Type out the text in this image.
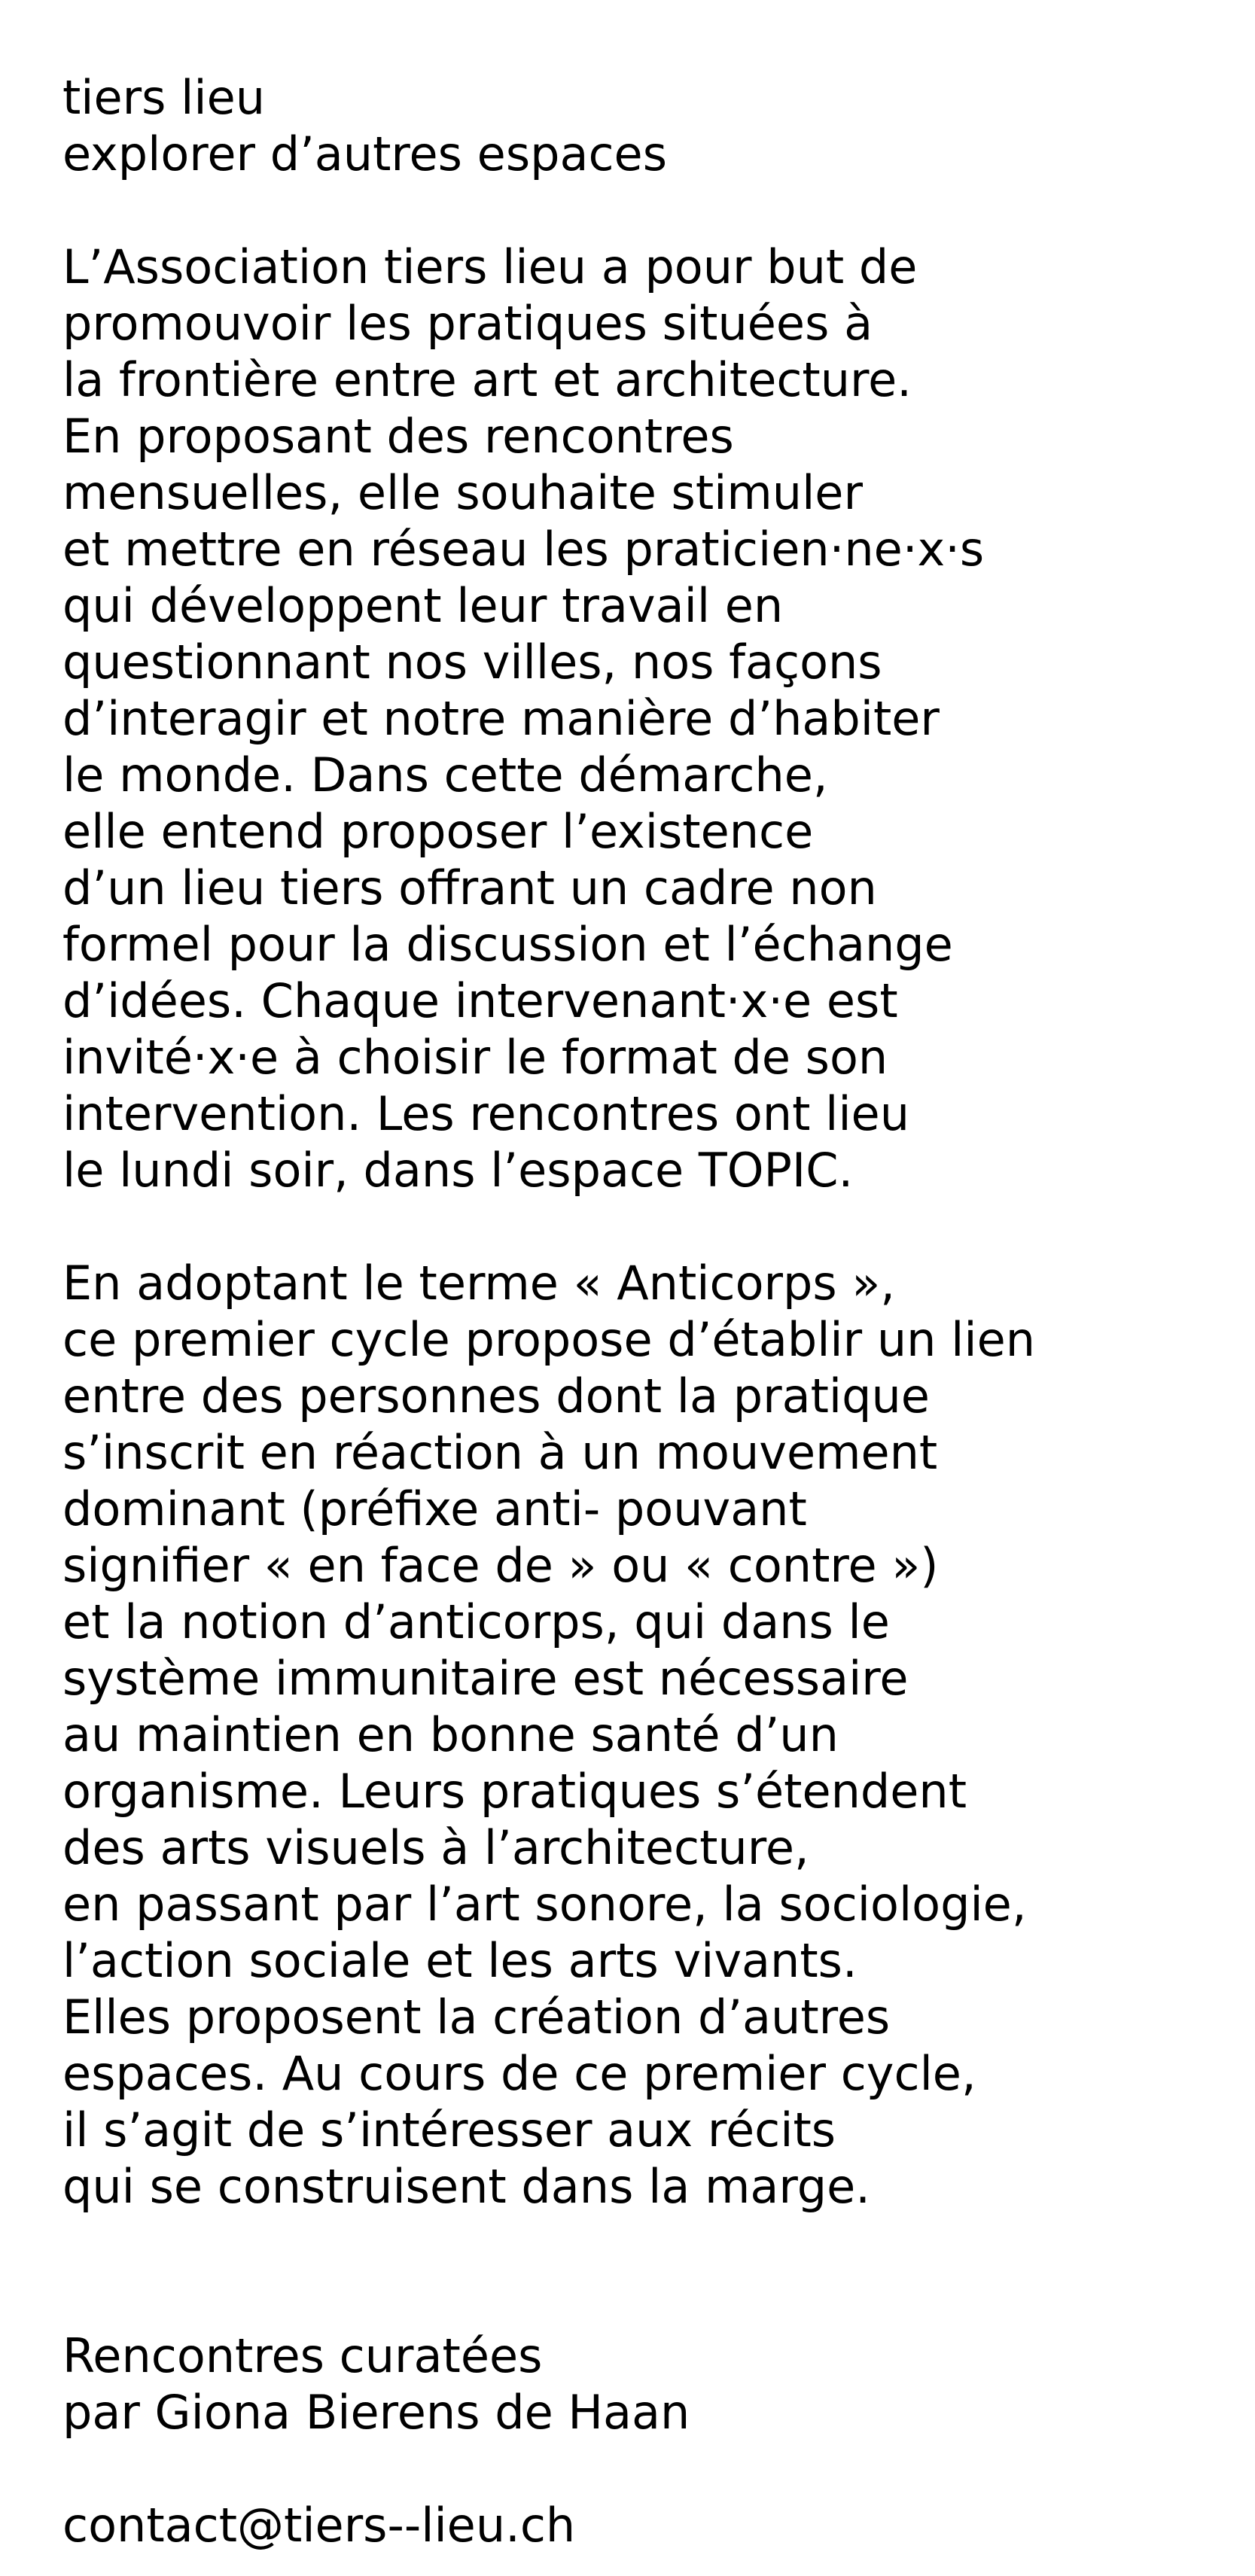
tiers lieu
explorer d’autres espaces
L’Association tiers lieu a pour but de
promouvoir les pratiques situées à
la frontière entre art et architecture.
En proposant des rencontres
mensuelles, elle souhaite stimuler
et mettre en réseau les praticien·ne·x·s
qui développent leur travail en
questionnant nos villes, nos façons
d’interagir et notre manière d’habiter
le monde. Dans cette démarche,
elle entend proposer l’existence
d’un lieu tiers offrant un cadre non
formel pour la discussion et l’échange
d’idées. Chaque intervenant·x·e est
invité·x·e à choisir le format de son
intervention. Les rencontres ont lieu
le lundi soir, dans l’espace TOPIC.
En adoptant le terme « Anticorps »,
ce premier cycle propose d’établir un lien
entre des personnes dont la pratique
s’inscrit en réaction à un mouvement
dominant (préfixe anti- pouvant
signifier « en face de » ou « contre »)
et la notion d’anticorps, qui dans le
système immunitaire est nécessaire
au maintien en bonne santé d’un
organisme. Leurs pratiques s’étendent
des arts visuels à l’architecture,
en passant par l’art sonore, la sociologie,
l’action sociale et les arts vivants.
Elles proposent la création d’autres
espaces. Au cours de ce premier cycle,
il s’agit de s’intéresser aux récits
qui se construisent dans la marge.
Rencontres curatées
par Giona Bierens de Haan
contact@tiers--lieu.ch
